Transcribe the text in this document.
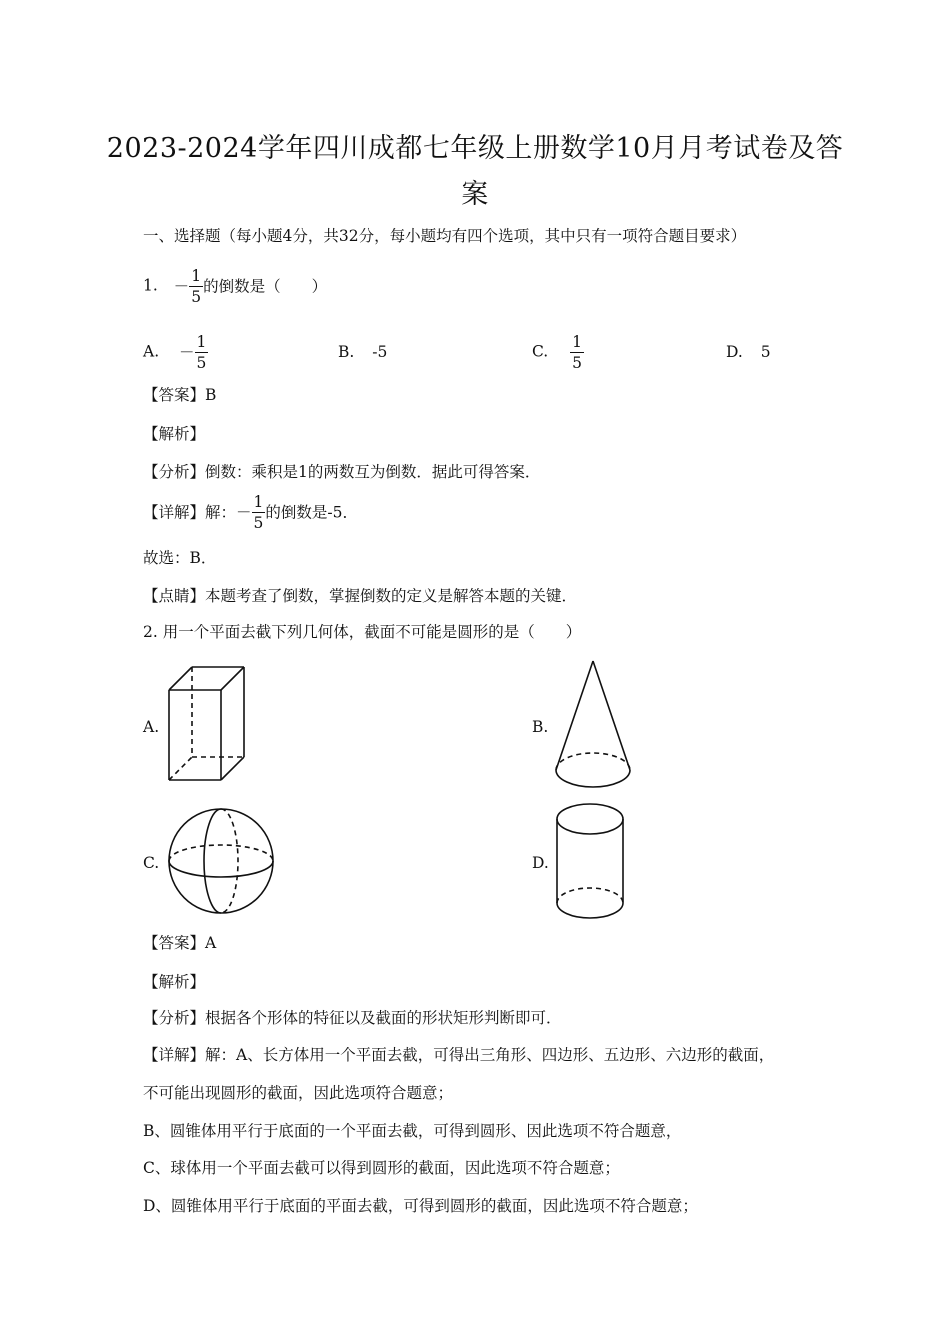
2023-2024学年四川成都七年级上册数学10月月考试卷及答
案
一、选择题（每小题4分，共32分，每小题均有四个选项，其中只有一项符合题目要求）
1. － $\frac{1}{5}$ 的倒数是（　　）
A. － $\frac{1}{5}$	B. -5	C. $\frac{1}{5}$	D. 5
【答案】B
【解析】
【分析】倒数：乘积是1的两数互为倒数．据此可得答案．
【详解】解：－ $\frac{1}{5}$ 的倒数是-5．
故选：B．
【点睛】本题考查了倒数，掌握倒数的定义是解答本题的关键．
2. 用一个平面去截下列几何体，截面不可能是圆形的是（　　）
A.	B.
C.	D.
【答案】A
【解析】
【分析】根据各个形体的特征以及截面的形状矩形判断即可．
【详解】解：A、长方体用一个平面去截，可得出三角形、四边形、五边形、六边形的截面，
不可能出现圆形的截面，因此选项符合题意；
B、圆锥体用平行于底面的一个平面去截，可得到圆形、因此选项不符合题意，
C、球体用一个平面去截可以得到圆形的截面，因此选项不符合题意；
D、圆锥体用平行于底面的平面去截，可得到圆形的截面，因此选项不符合题意；
